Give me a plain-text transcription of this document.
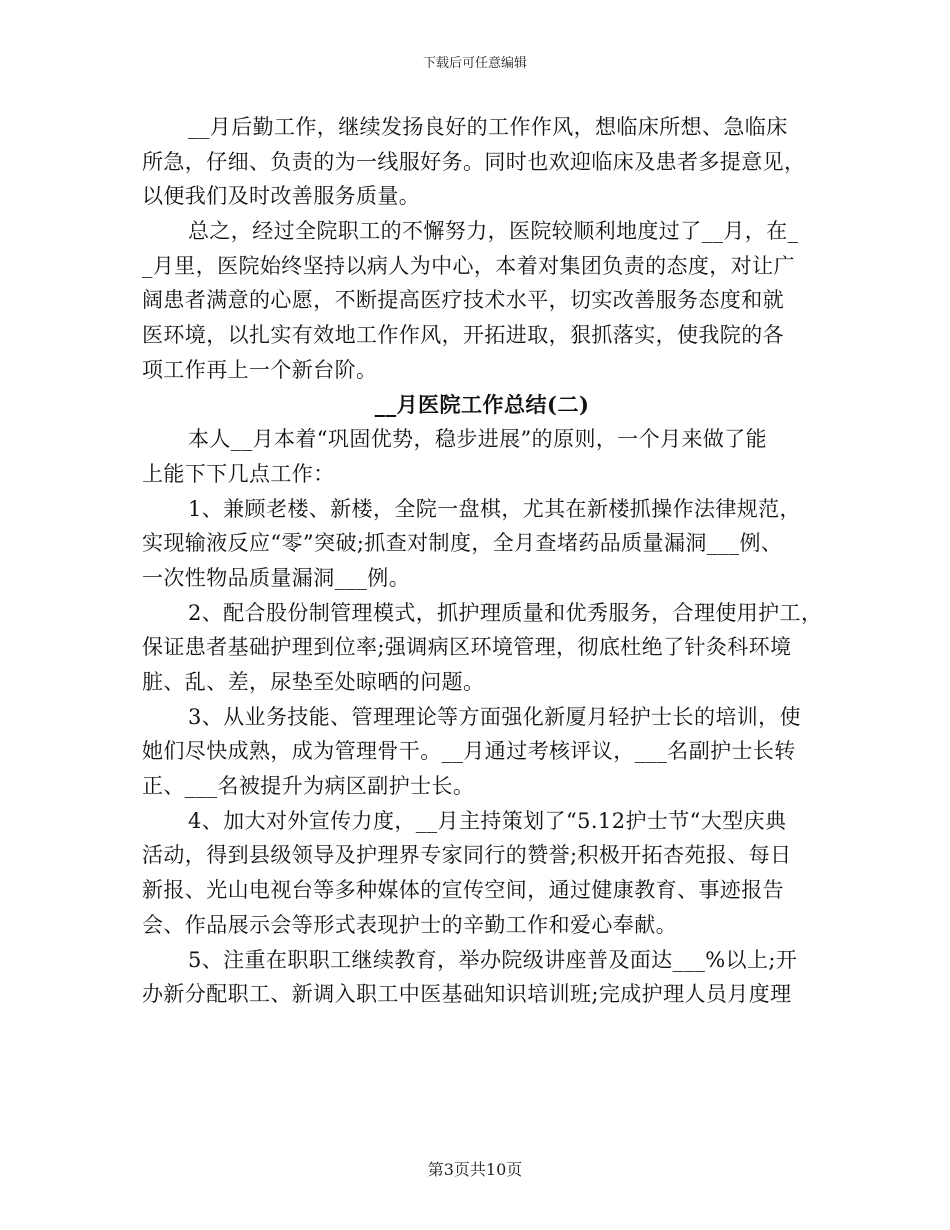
下载后可任意编辑
__月后勤工作，继续发扬良好的工作作风，想临床所想、急临床
所急，仔细、负责的为一线服好务。同时也欢迎临床及患者多提意见，
以便我们及时改善服务质量。
总之，经过全院职工的不懈努力，医院较顺利地度过了__月，在_
_月里，医院始终坚持以病人为中心，本着对集团负责的态度，对让广
阔患者满意的心愿，不断提高医疗技术水平，切实改善服务态度和就
医环境，以扎实有效地工作作风，开拓进取，狠抓落实，使我院的各
项工作再上一个新台阶。
__月医院工作总结(二)
本人__月本着“巩固优势，稳步进展”的原则，一个月来做了能
上能下下几点工作：
1、兼顾老楼、新楼，全院一盘棋，尤其在新楼抓操作法律规范，
实现输液反应“零”突破;抓查对制度，全月查堵药品质量漏洞___例、
一次性物品质量漏洞___例。
2、配合股份制管理模式，抓护理质量和优秀服务，合理使用护工，
保证患者基础护理到位率;强调病区环境管理，彻底杜绝了针灸科环境
脏、乱、差，尿垫至处晾晒的问题。
3、从业务技能、管理理论等方面强化新厦月轻护士长的培训，使
她们尽快成熟，成为管理骨干。__月通过考核评议，___名副护士长转
正、___名被提升为病区副护士长。
4、加大对外宣传力度，__月主持策划了“5.12护士节“大型庆典
活动，得到县级领导及护理界专家同行的赞誉;积极开拓杏苑报、每日
新报、光山电视台等多种媒体的宣传空间，通过健康教育、事迹报告
会、作品展示会等形式表现护士的辛勤工作和爱心奉献。
5、注重在职职工继续教育，举办院级讲座普及面达___%以上;开
办新分配职工、新调入职工中医基础知识培训班;完成护理人员月度理
第3页共10页
